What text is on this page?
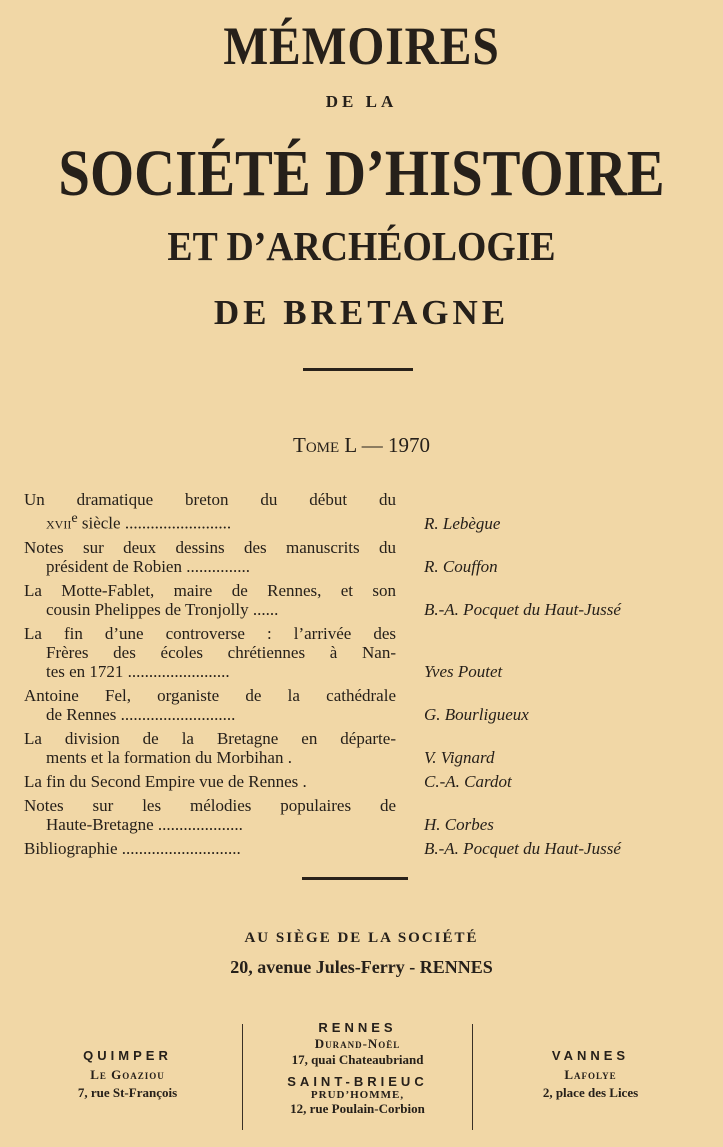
MÉMOIRES
DE LA
SOCIÉTÉ D’HISTOIRE
ET D’ARCHÉOLOGIE
DE BRETAGNE
Tome L — 1970
Un dramatique breton du début du
xvii$^e$ siècle .........................	R. Lebègue
Notes sur deux dessins des manuscrits du
président de Robien ...............	R. Couffon
La Motte-Fablet, maire de Rennes, et son
cousin Phelippes de Tronjolly ......	B.-A. Pocquet du Haut-Jussé
La fin d’une controverse : l’arrivée des
Frères des écoles chrétiennes à Nan-
tes en 1721 ........................	Yves Poutet
Antoine Fel, organiste de la cathédrale
de Rennes ...........................	G. Bourligueux
La division de la Bretagne en départe-
ments et la formation du Morbihan .	V. Vignard
La fin du Second Empire vue de Rennes .	C.-A. Cardot
Notes sur les mélodies populaires de
Haute-Bretagne ....................	H. Corbes
Bibliographie ............................	B.-A. Pocquet du Haut-Jussé
AU SIÈGE DE LA SOCIÉTÉ
20, avenue Jules-Ferry - RENNES
QUIMPER
Le Goaziou
7, rue St-François
RENNES
Durand-Noël
17, quai Chateaubriand
SAINT-BRIEUC
PRUD’HOMME,
12, rue Poulain-Corbion
VANNES
Lafolye
2, place des Lices
